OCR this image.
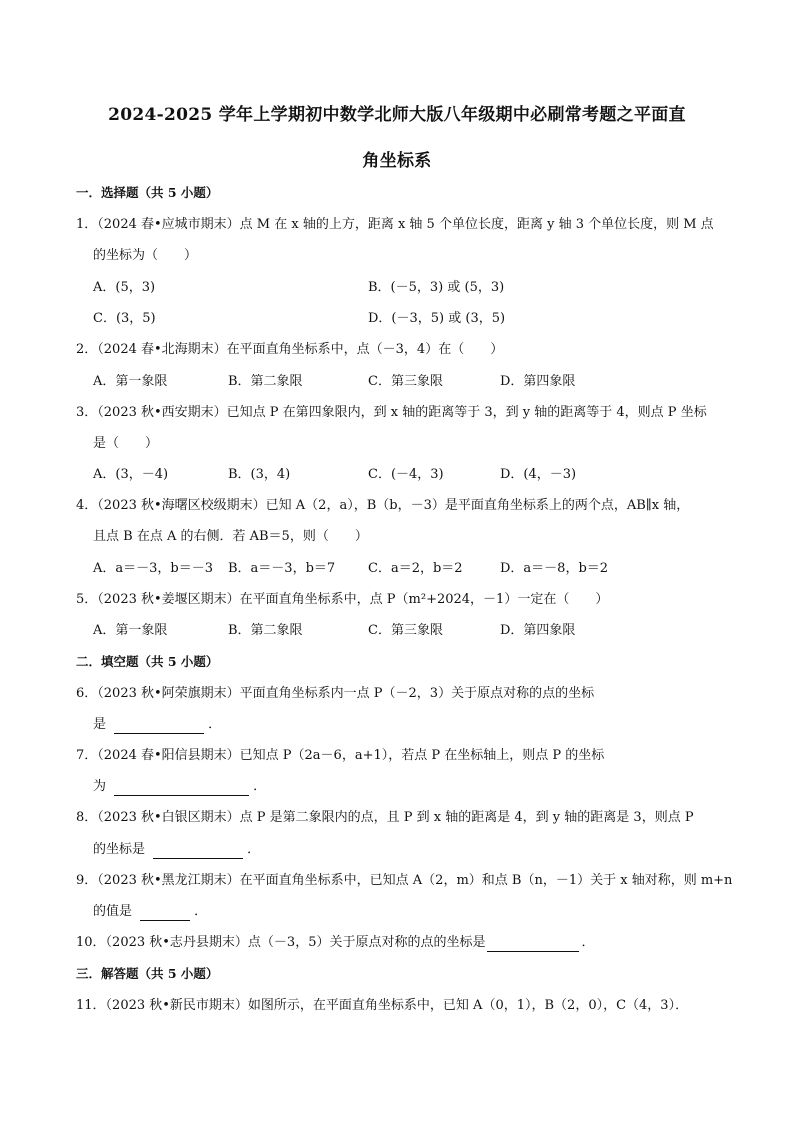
2024-2025 学年上学期初中数学北师大版八年级期中必刷常考题之平面直
角坐标系
一．选择题（共 5 小题）
1．（2024 春•应城市期末）点 M 在 x 轴的上方，距离 x 轴 5 个单位长度，距离 y 轴 3 个单位长度，则 M 点
的坐标为（　　）
A．(5，3)	B．(－5，3) 或 (5，3)
C．(3，5)	D．(－3，5) 或 (3，5)
2．（2024 春•北海期末）在平面直角坐标系中，点（－3，4）在（　　）
A．第一象限	B．第二象限	C．第三象限	D．第四象限
3．（2023 秋•西安期末）已知点 P 在第四象限内，到 x 轴的距离等于 3，到 y 轴的距离等于 4，则点 P 坐标
是（　　）
A．(3，－4)	B．(3，4)	C．(－4，3)	D．(4，－3)
4．（2023 秋•海曙区校级期末）已知 A（2，a），B（b，－3）是平面直角坐标系上的两个点，AB∥x 轴，
且点 B 在点 A 的右侧．若 AB＝5，则（　　）
A．a＝－3，b＝－3 B．a＝－3，b＝7	C．a＝2，b＝2	D．a＝－8，b＝2
5．（2023 秋•姜堰区期末）在平面直角坐标系中，点 P（m²+2024，－1）一定在（　　）
A．第一象限	B．第二象限	C．第三象限	D．第四象限
二．填空题（共 5 小题）
6．（2023 秋•阿荣旗期末）平面直角坐标系内一点 P（－2，3）关于原点对称的点的坐标
是	．
7．（2024 春•阳信县期末）已知点 P（2a－6，a+1），若点 P 在坐标轴上，则点 P 的坐标
为	．
8．（2023 秋•白银区期末）点 P 是第二象限内的点，且 P 到 x 轴的距离是 4，到 y 轴的距离是 3，则点 P
的坐标是	．
9．（2023 秋•黑龙江期末）在平面直角坐标系中，已知点 A（2，m）和点 B（n，－1）关于 x 轴对称，则 m+n
的值是	．
10．（2023 秋•志丹县期末）点（－3，5）关于原点对称的点的坐标是	．
三．解答题（共 5 小题）
11．（2023 秋•新民市期末）如图所示，在平面直角坐标系中，已知 A（0，1），B（2，0），C（4，3）．
